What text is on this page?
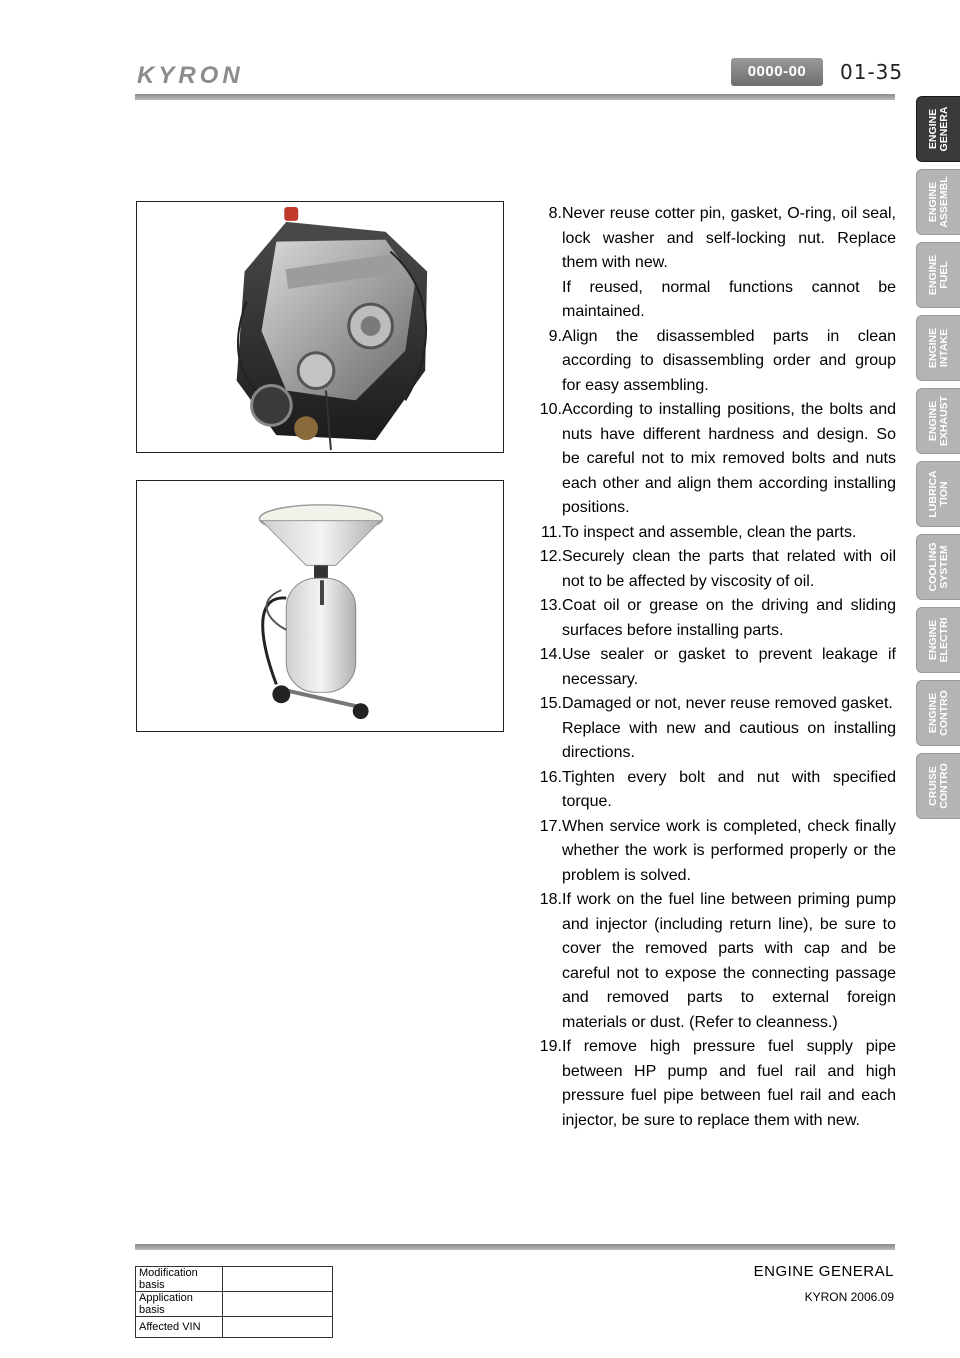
KYRON	0000-00	01-35
ENGINE GENERA
ENGINE ASSEMBL
ENGINE FUEL
ENGINE INTAKE
ENGINE EXHAUST
LUBRICA TION
COOLING SYSTEM
ENGINE ELECTRI
ENGINE CONTRO
CRUISE CONTRO
8. Never reuse cotter pin, gasket, O-ring, oil seal, lock washer and self-locking nut. Replace them with new.

If reused, normal functions cannot be maintained.

9. Align the disassembled parts in clean according to disassembling order and group for easy assembling.

10. According to installing positions, the bolts and nuts have different hardness and design. So be careful not to mix removed bolts and nuts each other and align them according installing positions.

11. To inspect and assemble, clean the parts.

12. Securely clean the parts that related with oil not to be affected by viscosity of oil.

13. Coat oil or grease on the driving and sliding surfaces before installing parts.

14. Use sealer or gasket to prevent leakage if necessary.

15. Damaged or not, never reuse removed gasket.

Replace with new and cautious on installing directions.

16. Tighten every bolt and nut with specified torque.

17. When service work is completed, check finally whether the work is performed properly or the problem is solved.

18. If work on the fuel line between priming pump and injector (including return line), be sure to cover the removed parts with cap and be careful not to expose the connecting passage and removed parts to external foreign materials or dust. (Refer to cleanness.)

19. If remove high pressure fuel supply pipe between HP pump and fuel rail and high pressure fuel pipe between fuel rail and each injector, be sure to replace them with new.

Modification basis	
Application basis	
Affected VIN	
ENGINE GENERAL
KYRON 2006.09
